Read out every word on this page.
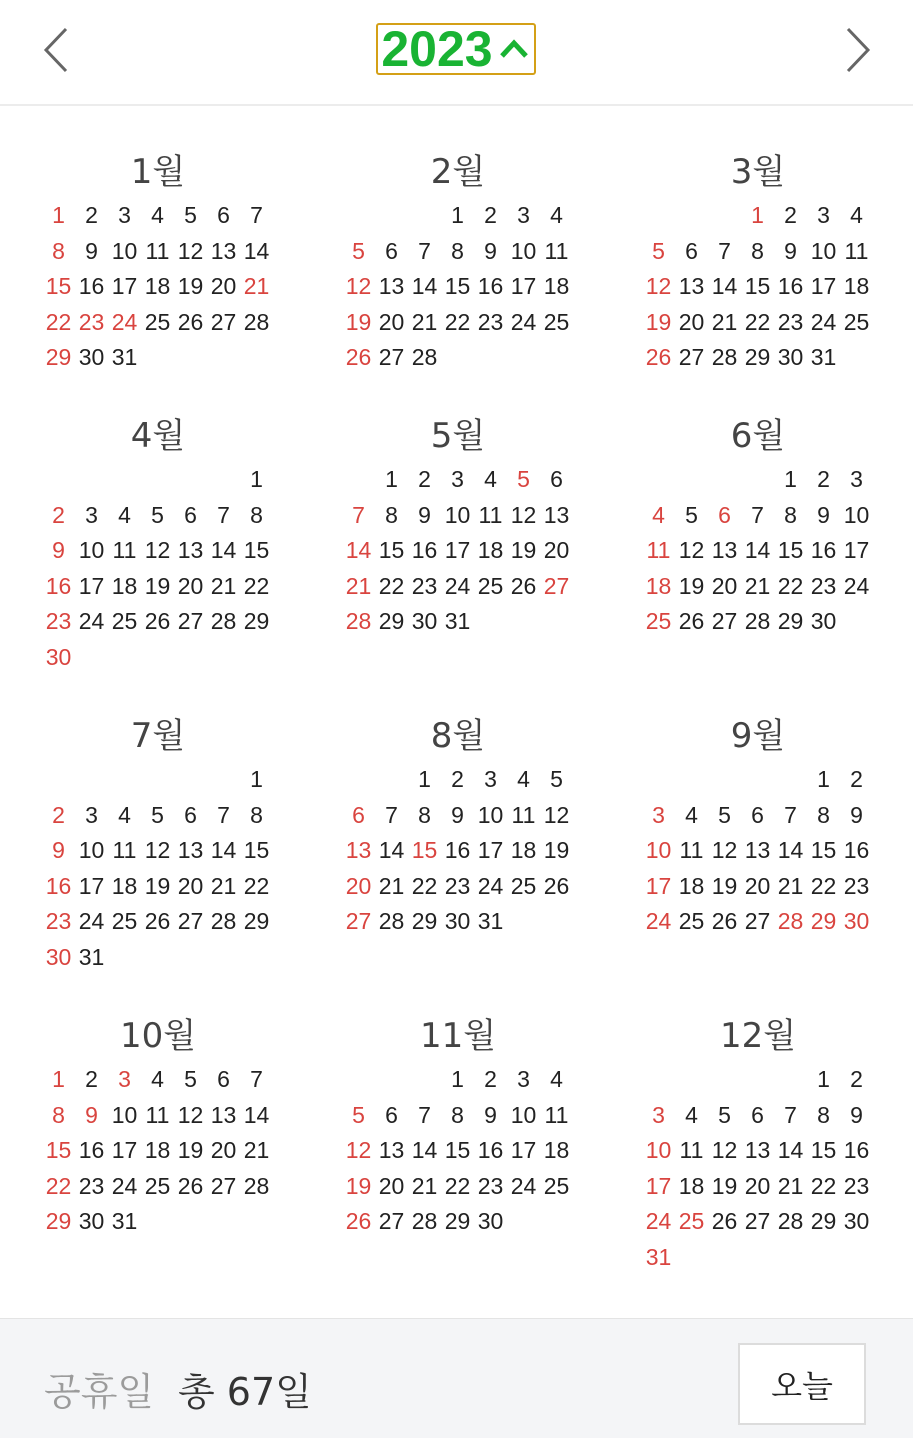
2023
1월
1 2 3 4 5 6 7
8 9 10 11 12 13 14
15 16 17 18 19 20 21
22 23 24 25 26 27 28
29 30 31
2월
1 2 3 4
5 6 7 8 9 10 11
12 13 14 15 16 17 18
19 20 21 22 23 24 25
26 27 28
3월
1 2 3 4
5 6 7 8 9 10 11
12 13 14 15 16 17 18
19 20 21 22 23 24 25
26 27 28 29 30 31
4월
1
2 3 4 5 6 7 8
9 10 11 12 13 14 15
16 17 18 19 20 21 22
23 24 25 26 27 28 29
30
5월
1 2 3 4 5 6
7 8 9 10 11 12 13
14 15 16 17 18 19 20
21 22 23 24 25 26 27
28 29 30 31
6월
1 2 3
4 5 6 7 8 9 10
11 12 13 14 15 16 17
18 19 20 21 22 23 24
25 26 27 28 29 30
7월
1
2 3 4 5 6 7 8
9 10 11 12 13 14 15
16 17 18 19 20 21 22
23 24 25 26 27 28 29
30 31
8월
1 2 3 4 5
6 7 8 9 10 11 12
13 14 15 16 17 18 19
20 21 22 23 24 25 26
27 28 29 30 31
9월
1 2
3 4 5 6 7 8 9
10 11 12 13 14 15 16
17 18 19 20 21 22 23
24 25 26 27 28 29 30
10월
1 2 3 4 5 6 7
8 9 10 11 12 13 14
15 16 17 18 19 20 21
22 23 24 25 26 27 28
29 30 31
11월
1 2 3 4
5 6 7 8 9 10 11
12 13 14 15 16 17 18
19 20 21 22 23 24 25
26 27 28 29 30
12월
1 2
3 4 5 6 7 8 9
10 11 12 13 14 15 16
17 18 19 20 21 22 23
24 25 26 27 28 29 30
31
공휴일 총 67일	오늘
